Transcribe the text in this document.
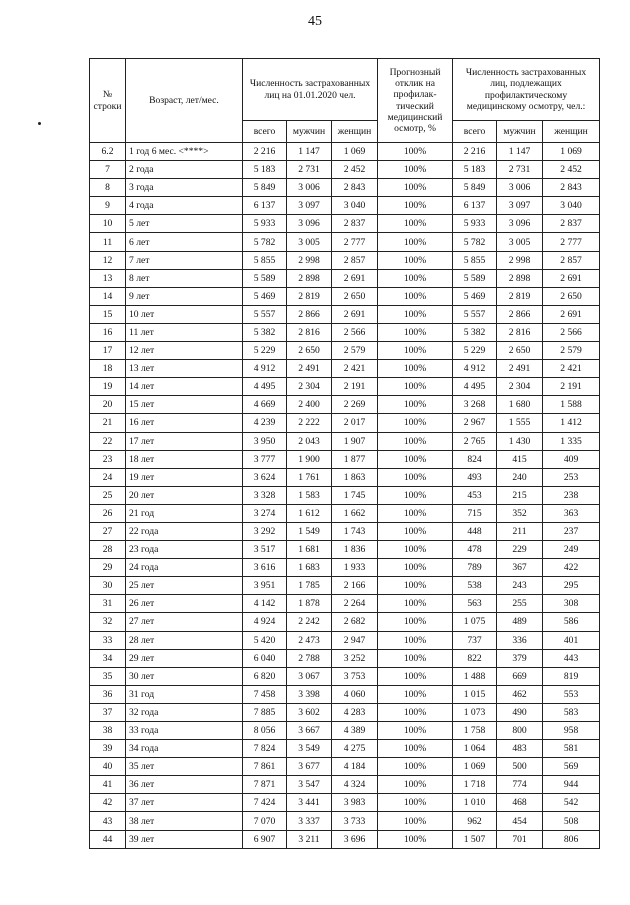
45
№ строки	Возраст, лет/мес.	Численность застрахованных лиц на 01.01.2020 чел.			Прогнозный отклик на профилак-тический медицинский осмотр, %	Численность застрахованных лиц, подлежащих профилактическому медицинскому осмотру, чел.:		
		всего	мужчин	женщин		всего	мужчин	женщин
6.2	1 год 6 мес. <****>	2 216	1 147	1 069	100%	2 216	1 147	1 069
7	2 года	5 183	2 731	2 452	100%	5 183	2 731	2 452
8	3 года	5 849	3 006	2 843	100%	5 849	3 006	2 843
9	4 года	6 137	3 097	3 040	100%	6 137	3 097	3 040
10	5 лет	5 933	3 096	2 837	100%	5 933	3 096	2 837
11	6 лет	5 782	3 005	2 777	100%	5 782	3 005	2 777
12	7 лет	5 855	2 998	2 857	100%	5 855	2 998	2 857
13	8 лет	5 589	2 898	2 691	100%	5 589	2 898	2 691
14	9 лет	5 469	2 819	2 650	100%	5 469	2 819	2 650
15	10 лет	5 557	2 866	2 691	100%	5 557	2 866	2 691
16	11 лет	5 382	2 816	2 566	100%	5 382	2 816	2 566
17	12 лет	5 229	2 650	2 579	100%	5 229	2 650	2 579
18	13 лет	4 912	2 491	2 421	100%	4 912	2 491	2 421
19	14 лет	4 495	2 304	2 191	100%	4 495	2 304	2 191
20	15 лет	4 669	2 400	2 269	100%	3 268	1 680	1 588
21	16 лет	4 239	2 222	2 017	100%	2 967	1 555	1 412
22	17 лет	3 950	2 043	1 907	100%	2 765	1 430	1 335
23	18 лет	3 777	1 900	1 877	100%	824	415	409
24	19 лет	3 624	1 761	1 863	100%	493	240	253
25	20 лет	3 328	1 583	1 745	100%	453	215	238
26	21 год	3 274	1 612	1 662	100%	715	352	363
27	22 года	3 292	1 549	1 743	100%	448	211	237
28	23 года	3 517	1 681	1 836	100%	478	229	249
29	24 года	3 616	1 683	1 933	100%	789	367	422
30	25 лет	3 951	1 785	2 166	100%	538	243	295
31	26 лет	4 142	1 878	2 264	100%	563	255	308
32	27 лет	4 924	2 242	2 682	100%	1 075	489	586
33	28 лет	5 420	2 473	2 947	100%	737	336	401
34	29 лет	6 040	2 788	3 252	100%	822	379	443
35	30 лет	6 820	3 067	3 753	100%	1 488	669	819
36	31 год	7 458	3 398	4 060	100%	1 015	462	553
37	32 года	7 885	3 602	4 283	100%	1 073	490	583
38	33 года	8 056	3 667	4 389	100%	1 758	800	958
39	34 года	7 824	3 549	4 275	100%	1 064	483	581
40	35 лет	7 861	3 677	4 184	100%	1 069	500	569
41	36 лет	7 871	3 547	4 324	100%	1 718	774	944
42	37 лет	7 424	3 441	3 983	100%	1 010	468	542
43	38 лет	7 070	3 337	3 733	100%	962	454	508
44	39 лет	6 907	3 211	3 696	100%	1 507	701	806
